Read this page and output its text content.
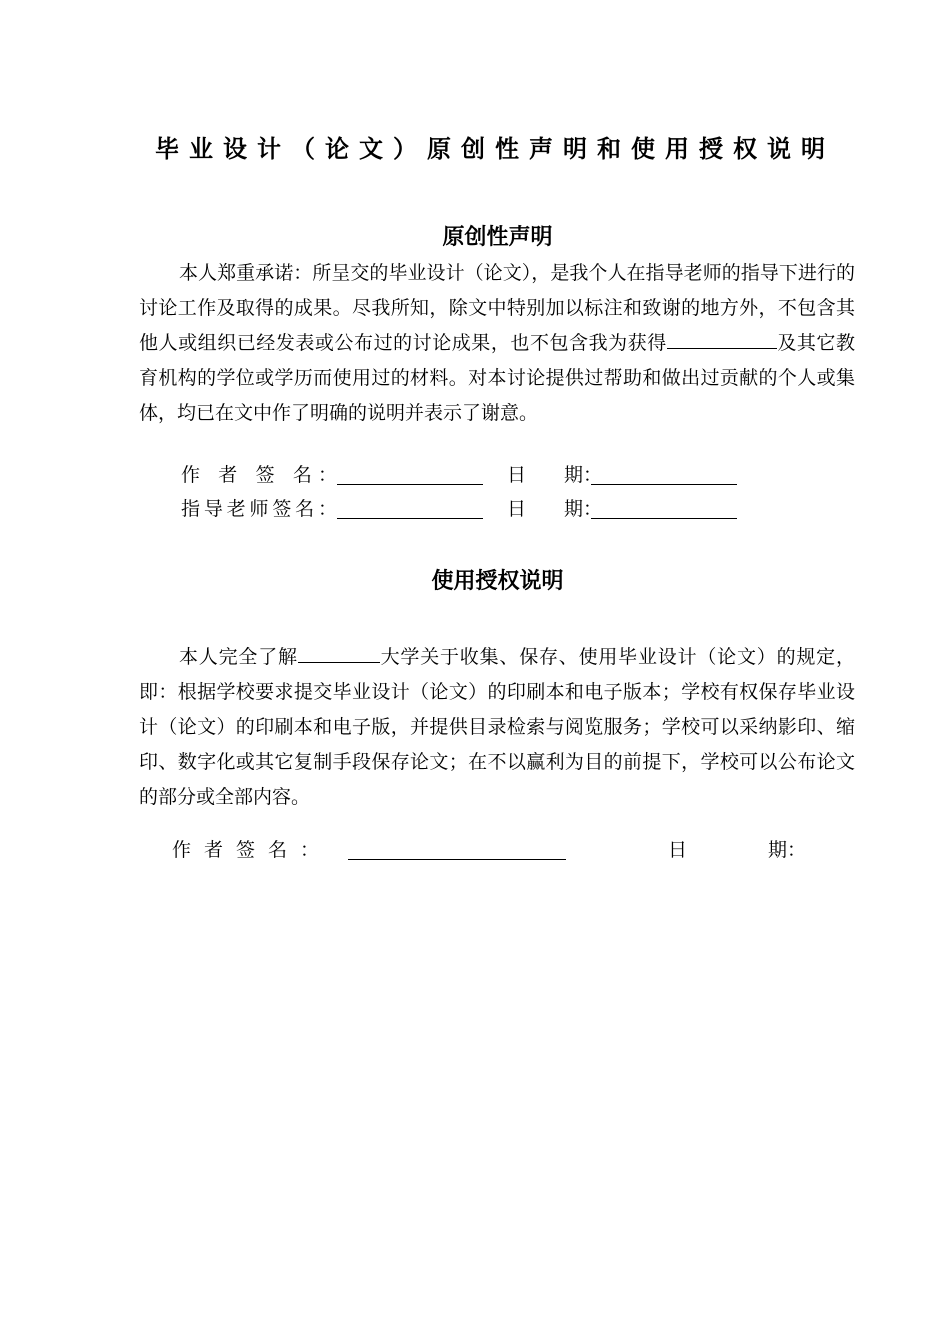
毕业设计（论文）原创性声明和使用授权说明
原创性声明

本人郑重承诺：所呈交的毕业设计（论文），是我个人在指导老师的指导下进行的讨论工作及取得的成果。尽我所知，除文中特别加以标注和致谢的地方外，不包含其他人或组织已经发表或公布过的讨论成果，也不包含我为获得	及其它教育机构的学位或学历而使用过的材料。对本讨论提供过帮助和做出过贡献的个人或集体，均已在文中作了明确的说明并表示了谢意。

作 者 签 名：	日　　期：
指导老师签名：	日　　期：
使用授权说明

本人完全了解	大学关于收集、保存、使用毕业设计（论文）的规定，即：根据学校要求提交毕业设计（论文）的印刷本和电子版本；学校有权保存毕业设计（论文）的印刷本和电子版，并提供目录检索与阅览服务；学校可以采纳影印、缩印、数字化或其它复制手段保存论文；在不以赢利为目的前提下，学校可以公布论文的部分或全部内容。

作者签名：	日	期：
